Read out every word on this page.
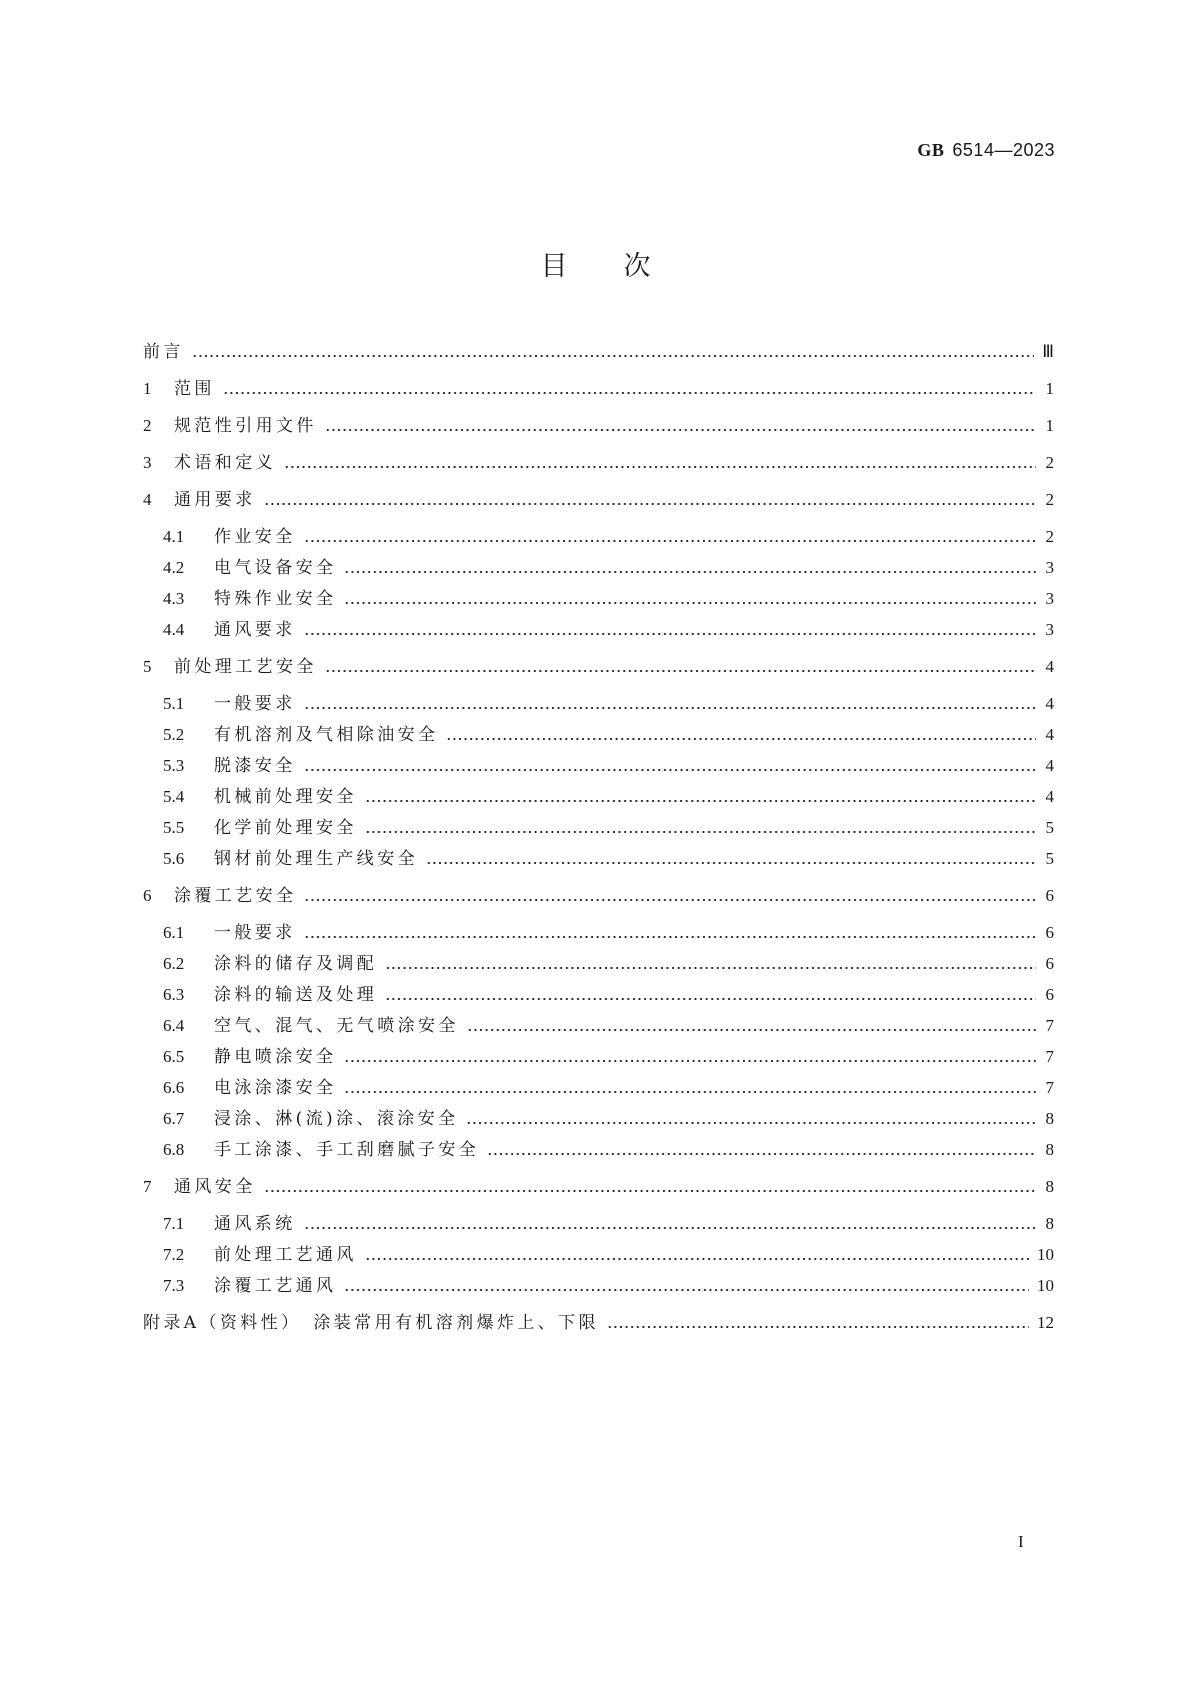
GB 6514—2023
目次
前言	Ⅲ
1	范围	1
2	规范性引用文件	1
3	术语和定义	2
4	通用要求	2
4.1	作业安全	2
4.2	电气设备安全	3
4.3	特殊作业安全	3
4.4	通风要求	3
5	前处理工艺安全	4
5.1	一般要求	4
5.2	有机溶剂及气相除油安全	4
5.3	脱漆安全	4
5.4	机械前处理安全	4
5.5	化学前处理安全	5
5.6	钢材前处理生产线安全	5
6	涂覆工艺安全	6
6.1	一般要求	6
6.2	涂料的储存及调配	6
6.3	涂料的输送及处理	6
6.4	空气、混气、无气喷涂安全	7
6.5	静电喷涂安全	7
6.6	电泳涂漆安全	7
6.7	浸涂、淋(流)涂、滚涂安全	8
6.8	手工涂漆、手工刮磨腻子安全	8
7	通风安全	8
7.1	通风系统	8
7.2	前处理工艺通风	10
7.3	涂覆工艺通风	10
附录A（资料性）　涂装常用有机溶剂爆炸上、下限	12
I
